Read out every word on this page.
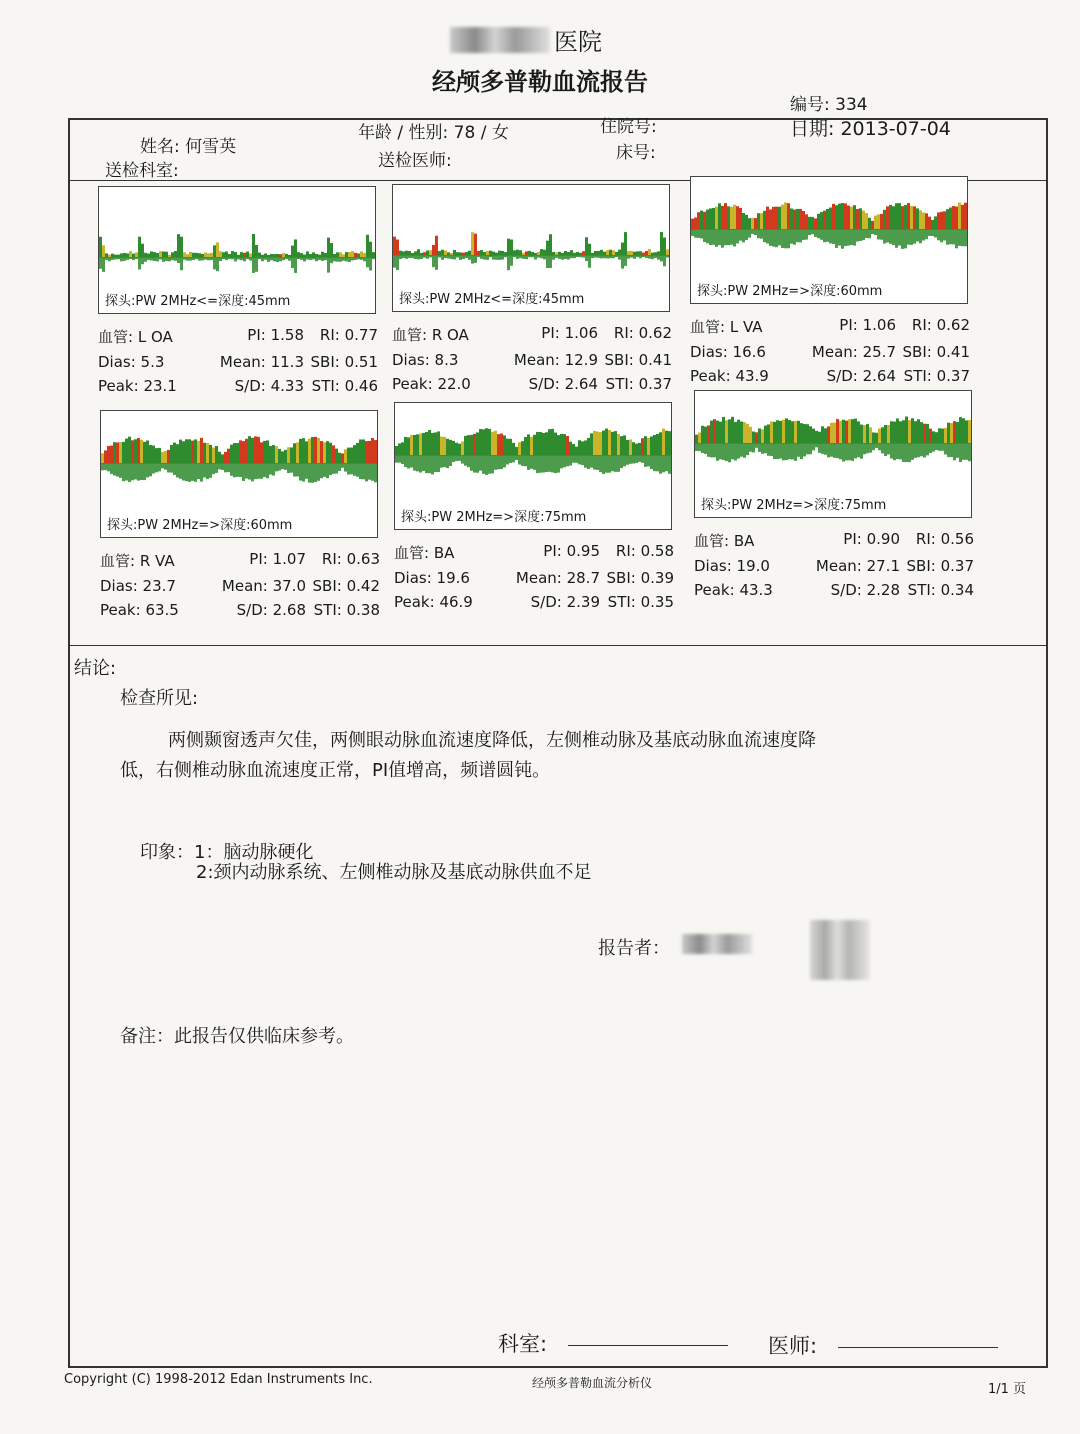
医院
经颅多普勒血流报告
姓名: 何雪英
送检科室:
年龄 / 性别: 78 / 女
送检医师:
住院号:
床号:
编号: 334
日期: 2013-07-04
探头:PW 2MHz<=深度:45mm
血管: L OA	PI: 1.58	RI: 0.77
Dias: 5.3	Mean: 11.3 SBI: 0.51
Peak: 23.1	S/D: 4.33 STI: 0.46
探头:PW 2MHz<=深度:45mm
血管: R OA	PI: 1.06	RI: 0.62
Dias: 8.3	Mean: 12.9 SBI: 0.41
Peak: 22.0	S/D: 2.64 STI: 0.37
探头:PW 2MHz=>深度:60mm
血管: L VA	PI: 1.06	RI: 0.62
Dias: 16.6	Mean: 25.7 SBI: 0.41
Peak: 43.9	S/D: 2.64 STI: 0.37
探头:PW 2MHz=>深度:60mm
血管: R VA	PI: 1.07	RI: 0.63
Dias: 23.7	Mean: 37.0 SBI: 0.42
Peak: 63.5	S/D: 2.68 STI: 0.38
探头:PW 2MHz=>深度:75mm
血管: BA	PI: 0.95	RI: 0.58
Dias: 19.6	Mean: 28.7 SBI: 0.39
Peak: 46.9	S/D: 2.39 STI: 0.35
探头:PW 2MHz=>深度:75mm
血管: BA	PI: 0.90	RI: 0.56
Dias: 19.0	Mean: 27.1 SBI: 0.37
Peak: 43.3	S/D: 2.28 STI: 0.34
结论:
检查所见:
两侧颞窗透声欠佳，两侧眼动脉血流速度降低，左侧椎动脉及基底动脉血流速度降
低，右侧椎动脉血流速度正常，PI值增高，频谱圆钝。
印象：1：脑动脉硬化
2:颈内动脉系统、左侧椎动脉及基底动脉供血不足
报告者：
备注：此报告仅供临床参考。
科室:	医师:
Copyright (C) 1998-2012 Edan Instruments Inc.	经颅多普勒血流分析仪	1/1 页
